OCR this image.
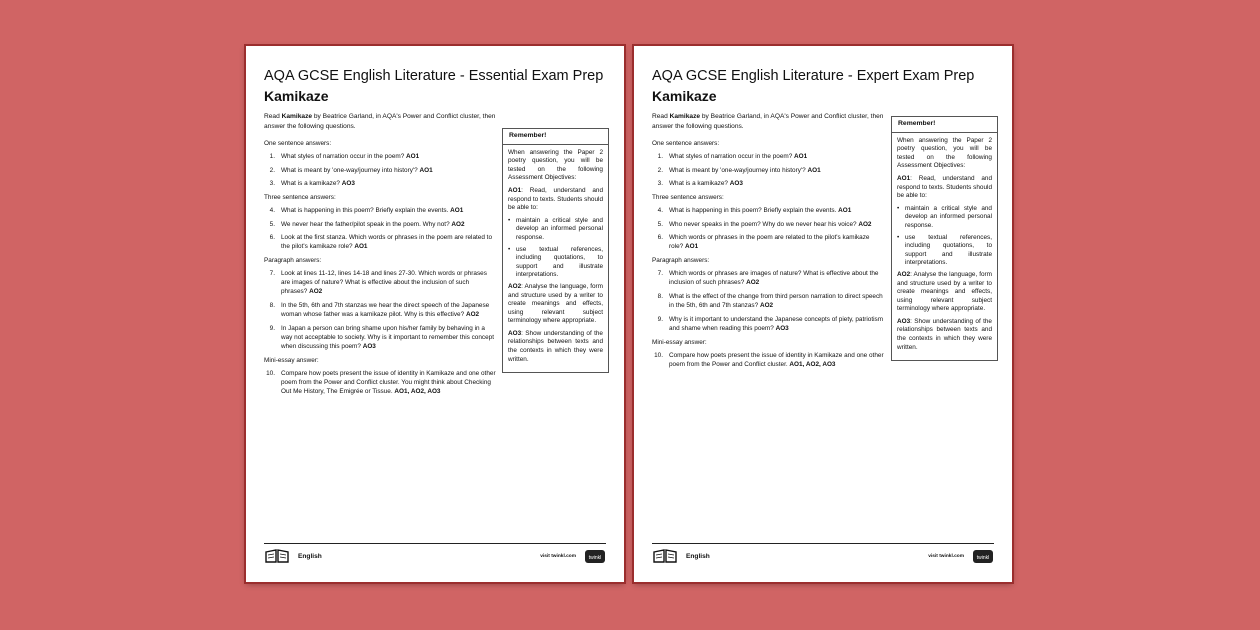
AQA GCSE English Literature - Essential Exam Prep
Kamikaze
Read Kamikaze by Beatrice Garland, in AQA's Power and Conflict cluster, then answer the following questions.
One sentence answers:
1. What styles of narration occur in the poem? AO1
2. What is meant by 'one-way/journey into history'? AO1
3. What is a kamikaze? AO3
Three sentence answers:
4. What is happening in this poem? Briefly explain the events. AO1
5. We never hear the father/pilot speak in the poem. Why not? AO2
6. Look at the first stanza. Which words or phrases in the poem are related to the pilot's kamikaze role? AO1
Paragraph answers:
7. Look at lines 11-12, lines 14-18 and lines 27-30. Which words or phrases are images of nature? What is effective about the inclusion of such phrases? AO2
8. In the 5th, 6th and 7th stanzas we hear the direct speech of the Japanese woman whose father was a kamikaze pilot. Why is this effective? AO2
9. In Japan a person can bring shame upon his/her family by behaving in a way not acceptable to society. Why is it important to remember this concept when discussing this poem? AO3
Mini-essay answer:
10. Compare how poets present the issue of identity in Kamikaze and one other poem from the Power and Conflict cluster. You might think about Checking Out Me History, The Emigrée or Tissue. AO1, AO2, AO3
Remember!

When answering the Paper 2 poetry question, you will be tested on the following Assessment Objectives:

AO1: Read, understand and respond to texts. Students should be able to:

• maintain a critical style and develop an informed personal response.
• use textual references, including quotations, to support and illustrate interpretations.

AO2: Analyse the language, form and structure used by a writer to create meanings and effects, using relevant subject terminology where appropriate.

AO3: Show understanding of the relationships between texts and the contexts in which they were written.

English	visit twinkl.com	twinkl
AQA GCSE English Literature - Expert Exam Prep
Kamikaze
Read Kamikaze by Beatrice Garland, in AQA's Power and Conflict cluster, then answer the following questions.
One sentence answers:
1. What styles of narration occur in the poem? AO1
2. What is meant by 'one-way/journey into history'? AO1
3. What is a kamikaze? AO3
Three sentence answers:
4. What is happening in this poem? Briefly explain the events. AO1
5. Who never speaks in the poem? Why do we never hear his voice? AO2
6. Which words or phrases in the poem are related to the pilot's kamikaze role? AO1
Paragraph answers:
7. Which words or phrases are images of nature? What is effective about the inclusion of such phrases? AO2
8. What is the effect of the change from third person narration to direct speech in the 5th, 6th and 7th stanzas? AO2
9. Why is it important to understand the Japanese concepts of piety, patriotism and shame when reading this poem? AO3
Mini-essay answer:
10. Compare how poets present the issue of identity in Kamikaze and one other poem from the Power and Conflict cluster. AO1, AO2, AO3
Remember!

When answering the Paper 2 poetry question, you will be tested on the following Assessment Objectives:

AO1: Read, understand and respond to texts. Students should be able to:

• maintain a critical style and develop an informed personal response.
• use textual references, including quotations, to support and illustrate interpretations.

AO2: Analyse the language, form and structure used by a writer to create meanings and effects, using relevant subject terminology where appropriate.

AO3: Show understanding of the relationships between texts and the contexts in which they were written.

English	visit twinkl.com	twinkl
